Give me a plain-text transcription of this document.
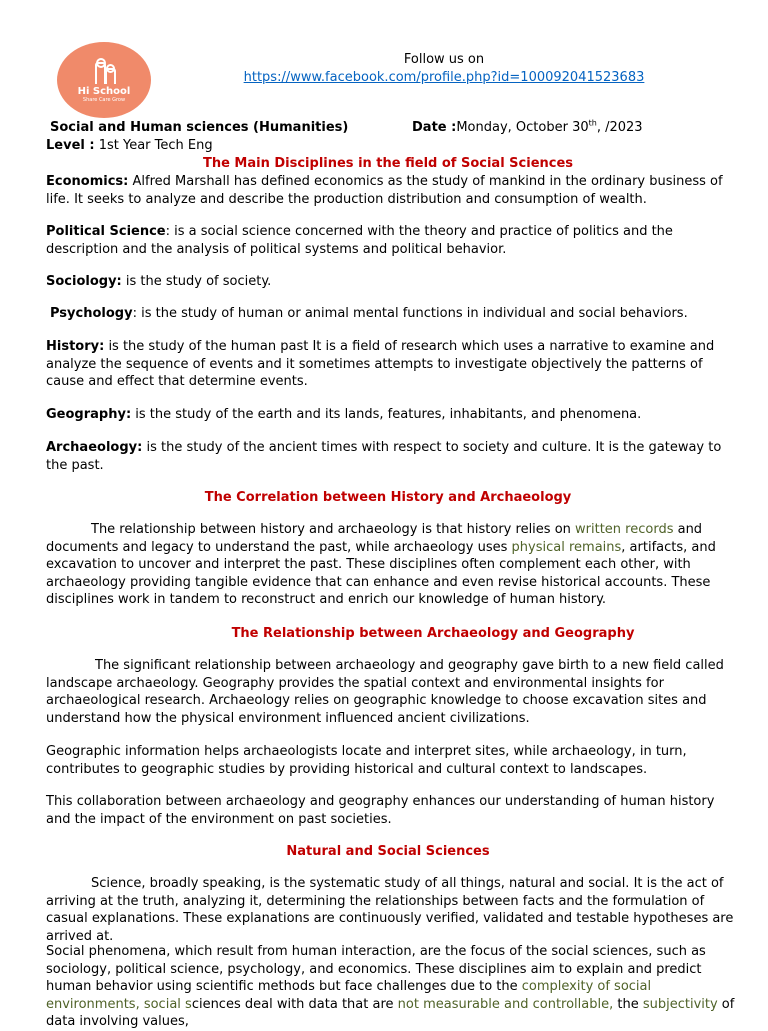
Hi School
Share Care Grow
Follow us on
https://www.facebook.com/profile.php?id=100092041523683
Social and Human sciences (Humanities)	Date :Monday, October 30th, /2023
Level : 1st Year Tech Eng
The Main Disciplines in the field of Social Sciences
Economics: Alfred Marshall has defined economics as the study of mankind in the ordinary business of life. It seeks to analyze and describe the production distribution and consumption of wealth.
Political Science: is a social science concerned with the theory and practice of politics and the description and the analysis of political systems and political behavior.
Sociology: is the study of society.
Psychology: is the study of human or animal mental functions in individual and social behaviors.
History: is the study of the human past It is a field of research which uses a narrative to examine and analyze the sequence of events and it sometimes attempts to investigate objectively the patterns of cause and effect that determine events.
Geography: is the study of the earth and its lands, features, inhabitants, and phenomena.
Archaeology: is the study of the ancient times with respect to society and culture. It is the gateway to the past.
The Correlation between History and Archaeology
The relationship between history and archaeology is that history relies on written records and documents and legacy to understand the past, while archaeology uses physical remains, artifacts, and excavation to uncover and interpret the past. These disciplines often complement each other, with archaeology providing tangible evidence that can enhance and even revise historical accounts. These disciplines work in tandem to reconstruct and enrich our knowledge of human history.
The Relationship between Archaeology and Geography
The significant relationship between archaeology and geography gave birth to a new field called landscape archaeology. Geography provides the spatial context and environmental insights for archaeological research. Archaeology relies on geographic knowledge to choose excavation sites and understand how the physical environment influenced ancient civilizations.
Geographic information helps archaeologists locate and interpret sites, while archaeology, in turn, contributes to geographic studies by providing historical and cultural context to landscapes.
This collaboration between archaeology and geography enhances our understanding of human history and the impact of the environment on past societies.
Natural and Social Sciences
Science, broadly speaking, is the systematic study of all things, natural and social. It is the act of arriving at the truth, analyzing it, determining the relationships between facts and the formulation of casual explanations. These explanations are continuously verified, validated and testable hypotheses are arrived at.
Social phenomena, which result from human interaction, are the focus of the social sciences, such as sociology, political science, psychology, and economics. These disciplines aim to explain and predict human behavior using scientific methods but face challenges due to the complexity of social environments, social sciences deal with data that are not measurable and controllable, the subjectivity of data involving values,
